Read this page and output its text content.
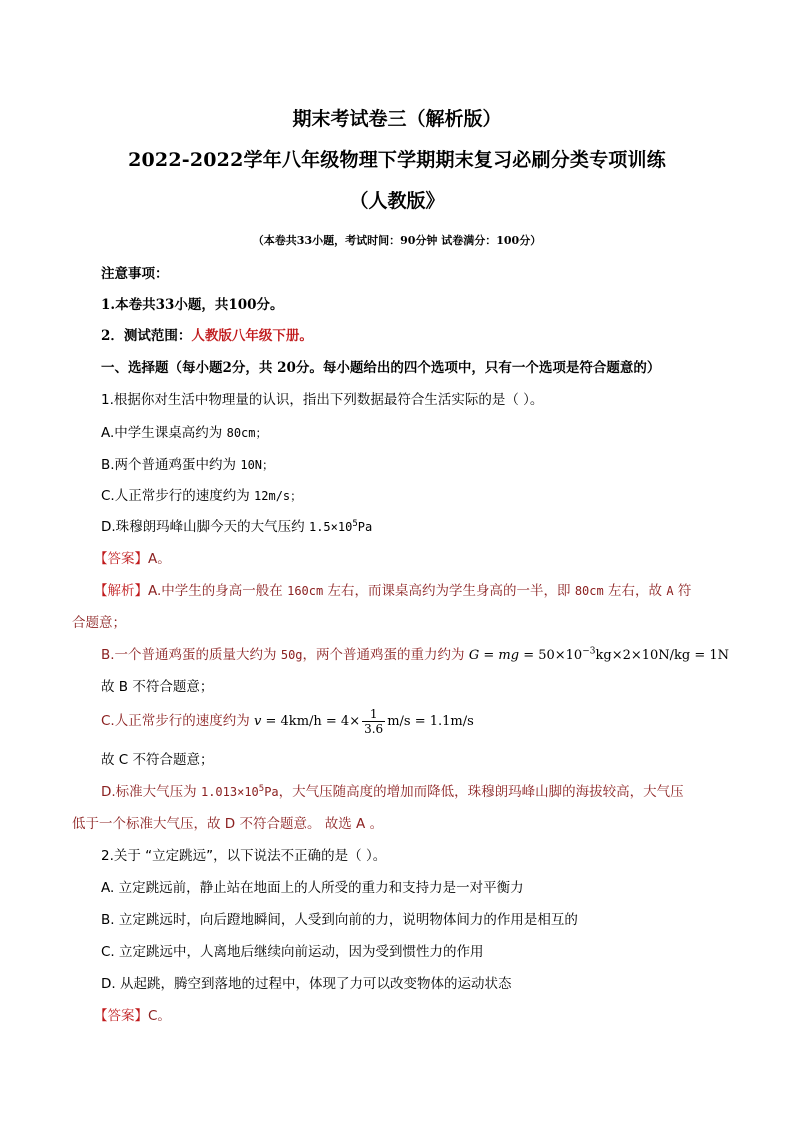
期末考试卷三（解析版）
2022-2022学年八年级物理下学期期末复习必刷分类专项训练
（人教版》
（本卷共33小题，考试时间：90分钟 试卷满分：100分）
注意事项：
1.本卷共33小题，共100分。
2．测试范围：人教版八年级下册。
一、选择题（每小题2分，共 20分。每小题给出的四个选项中，只有一个选项是符合题意的）
1.根据你对生活中物理量的认识，指出下列数据最符合生活实际的是（ ）。
A.中学生课桌高约为 80cm；
B.两个普通鸡蛋中约为 10N；
C.人正常步行的速度约为 12m/s；
D.珠穆朗玛峰山脚今天的大气压约 $1.5\times 10^5Pa$
【答案】A。
【解析】A.中学生的身高一般在 160cm 左右，而课桌高约为学生身高的一半，即 80cm 左右，故 A 符
合题意；
B.一个普通鸡蛋的质量大约为 50g，两个普通鸡蛋的重力约为 G = mg = $50\times 10^{-3}kg\times 2\times 10N/kg = 1N$
故 B 不符合题意；
C.人正常步行的速度约为 $v = 4km/h = 4\times \frac{1}{3.6} m/s = 1.1m/s$
故 C 不符合题意；
D.标准大气压为 $1.013\times 10^5Pa$，大气压随高度的增加而降低，珠穆朗玛峰山脚的海拔较高，大气压
低于一个标准大气压，故 D 不符合题意。 故选 A 。
2.关于 “立定跳远”，以下说法不正确的是（ ）。
A. 立定跳远前，静止站在地面上的人所受的重力和支持力是一对平衡力
B. 立定跳远时，向后蹬地瞬间，人受到向前的力，说明物体间力的作用是相互的
C. 立定跳远中，人离地后继续向前运动，因为受到惯性力的作用
D. 从起跳，腾空到落地的过程中，体现了力可以改变物体的运动状态
【答案】C。
